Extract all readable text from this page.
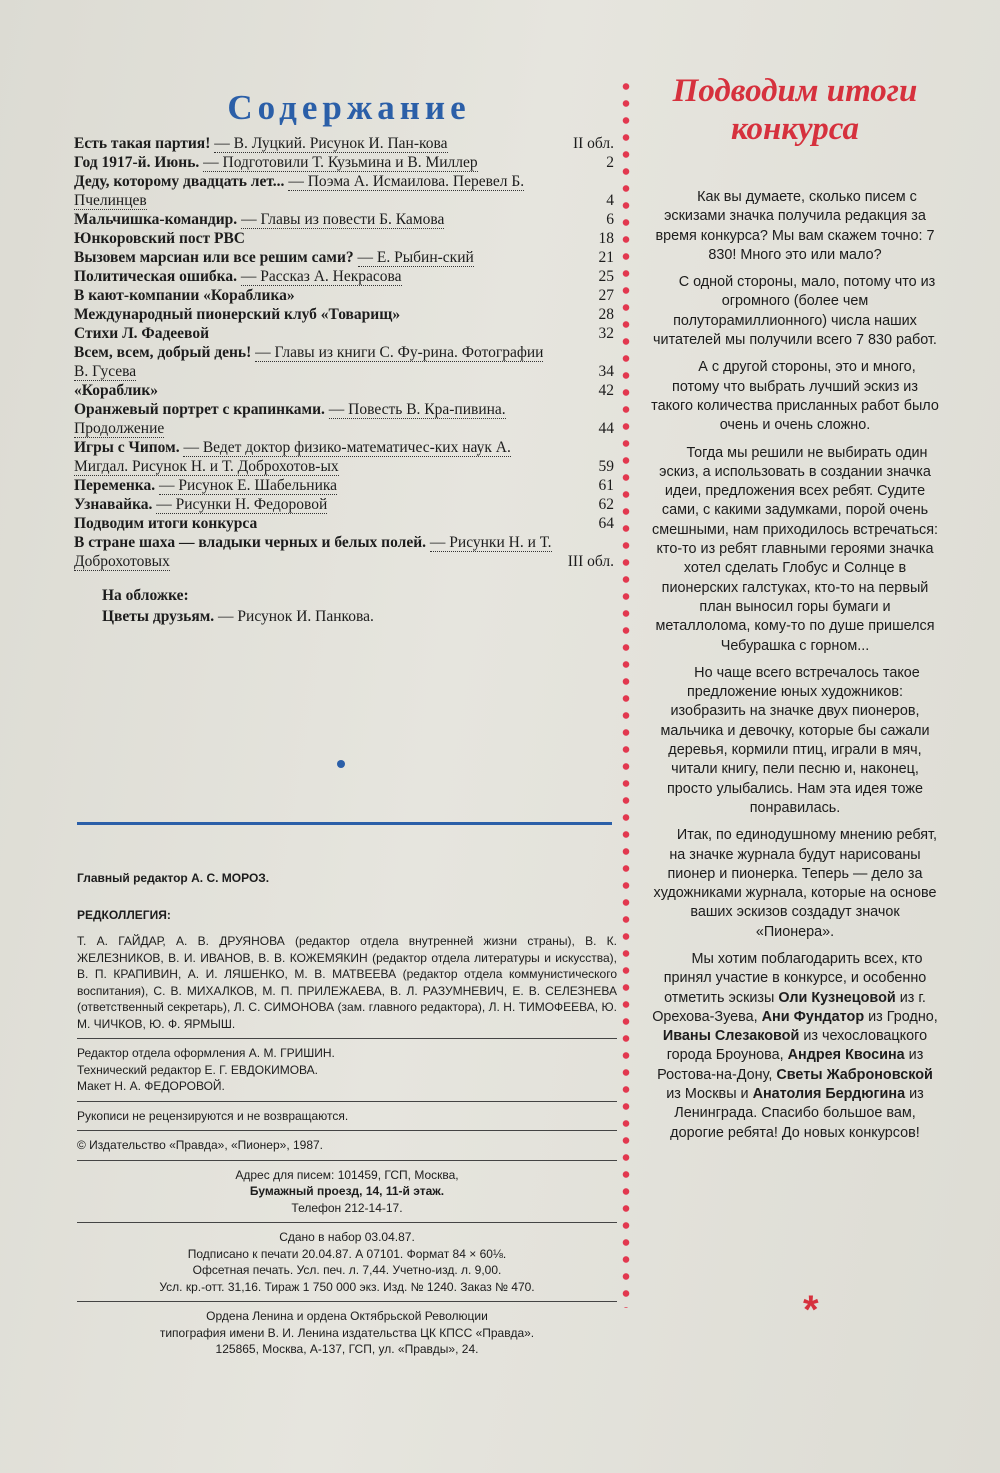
Содержание
Есть такая партия! — В. Луцкий. Рисунок И. Пан-кова	II обл.
Год 1917-й. Июнь. — Подготовили Т. Кузьмина и В. Миллер	2
Деду, которому двадцать лет... — Поэма А. Исмаилова. Перевел Б. Пчелинцев	4
Мальчишка-командир. — Главы из повести Б. Камова	6
Юнкоровский пост РВС	18
Вызовем марсиан или все решим сами? — Е. Рыбин-ский	21
Политическая ошибка. — Рассказ А. Некрасова	25
В кают-компании «Кораблика»	27
Международный пионерский клуб «Товарищ»	28
Стихи Л. Фадеевой	32
Всем, всем, добрый день! — Главы из книги С. Фу-рина. Фотографии В. Гусева	34
«Кораблик»	42
Оранжевый портрет с крапинками. — Повесть В. Кра-пивина. Продолжение	44
Игры с Чипом. — Ведет доктор физико-математичес-ких наук А. Мигдал. Рисунок Н. и Т. Доброхотов-ых	59
Переменка. — Рисунок Е. Шабельника	61
Узнавайка. — Рисунки Н. Федоровой	62
Подводим итоги конкурса	64
В стране шаха — владыки черных и белых полей. — Рисунки Н. и Т. Доброхотовых	III обл.
На обложке:
Цветы друзьям. — Рисунок И. Панкова.
Главный редактор А. С. МОРОЗ.
РЕДКОЛЛЕГИЯ:
Т. А. ГАЙДАР, А. В. ДРУЯНОВА (редактор отдела внутренней жизни страны), В. К. ЖЕЛЕЗНИКОВ, В. И. ИВАНОВ, В. В. КОЖЕМЯКИН (редактор отдела литературы и искусства), В. П. КРАПИВИН, А. И. ЛЯШЕНКО, М. В. МАТВЕЕВА (редактор отдела коммунистического воспитания), С. В. МИХАЛКОВ, М. П. ПРИЛЕЖАЕВА, В. Л. РАЗУМНЕВИЧ, Е. В. СЕЛЕЗНЕВА (ответственный секретарь), Л. С. СИМОНОВА (зам. главного редактора), Л. Н. ТИМОФЕЕВА, Ю. М. ЧИЧКОВ, Ю. Ф. ЯРМЫШ.
Редактор отдела оформления А. М. ГРИШИН.
Технический редактор Е. Г. ЕВДОКИМОВА.
Макет Н. А. ФЕДОРОВОЙ.
Рукописи не рецензируются и не возвращаются.
© Издательство «Правда», «Пионер», 1987.
Адрес для писем: 101459, ГСП, Москва,
Бумажный проезд, 14, 11-й этаж.
Телефон 212-14-17.
Сдано в набор 03.04.87.
Подписано к печати 20.04.87. А 07101. Формат 84 × 60⅛.
Офсетная печать. Усл. печ. л. 7,44. Учетно-изд. л. 9,00.
Усл. кр.-отт. 31,16. Тираж 1 750 000 экз. Изд. № 1240. Заказ № 470.
Ордена Ленина и ордена Октябрьской Революции
типография имени В. И. Ленина издательства ЦК КПСС «Правда».
125865, Москва, А-137, ГСП, ул. «Правды», 24.
Подводим итоги конкурса

Как вы думаете, сколько писем с эскизами значка получила редакция за время конкурса? Мы вам скажем точно: 7 830! Много это или мало?

С одной стороны, мало, потому что из огромного (более чем полуторамиллионного) числа наших читателей мы получили всего 7 830 работ.

А с другой стороны, это и много, потому что выбрать лучший эскиз из такого количества присланных работ было очень и очень сложно.

Тогда мы решили не выбирать один эскиз, а использовать в создании значка идеи, предложения всех ребят. Судите сами, с какими задумками, порой очень смешными, нам приходилось встречаться: кто-то из ребят главными героями значка хотел сделать Глобус и Солнце в пионерских галстуках, кто-то на первый план выносил горы бумаги и металлолома, кому-то по душе пришелся Чебурашка с горном...

Но чаще всего встречалось такое предложение юных художников: изобразить на значке двух пионеров, мальчика и девочку, которые бы сажали деревья, кормили птиц, играли в мяч, читали книгу, пели песню и, наконец, просто улыбались. Нам эта идея тоже понравилась.

Итак, по единодушному мнению ребят, на значке журнала будут нарисованы пионер и пионерка. Теперь — дело за художниками журнала, которые на основе ваших эскизов создадут значок «Пионера».

Мы хотим поблагодарить всех, кто принял участие в конкурсе, и особенно отметить эскизы Оли Кузнецовой из г. Орехова-Зуева, Ани Фундатор из Гродно, Иваны Слезаковой из чехословацкого города Броунова, Андрея Квосина из Ростова-на-Дону, Светы Жаброновской из Москвы и Анатолия Бердюгина из Ленинграда. Спасибо большое вам, дорогие ребята! До новых конкурсов!

*
